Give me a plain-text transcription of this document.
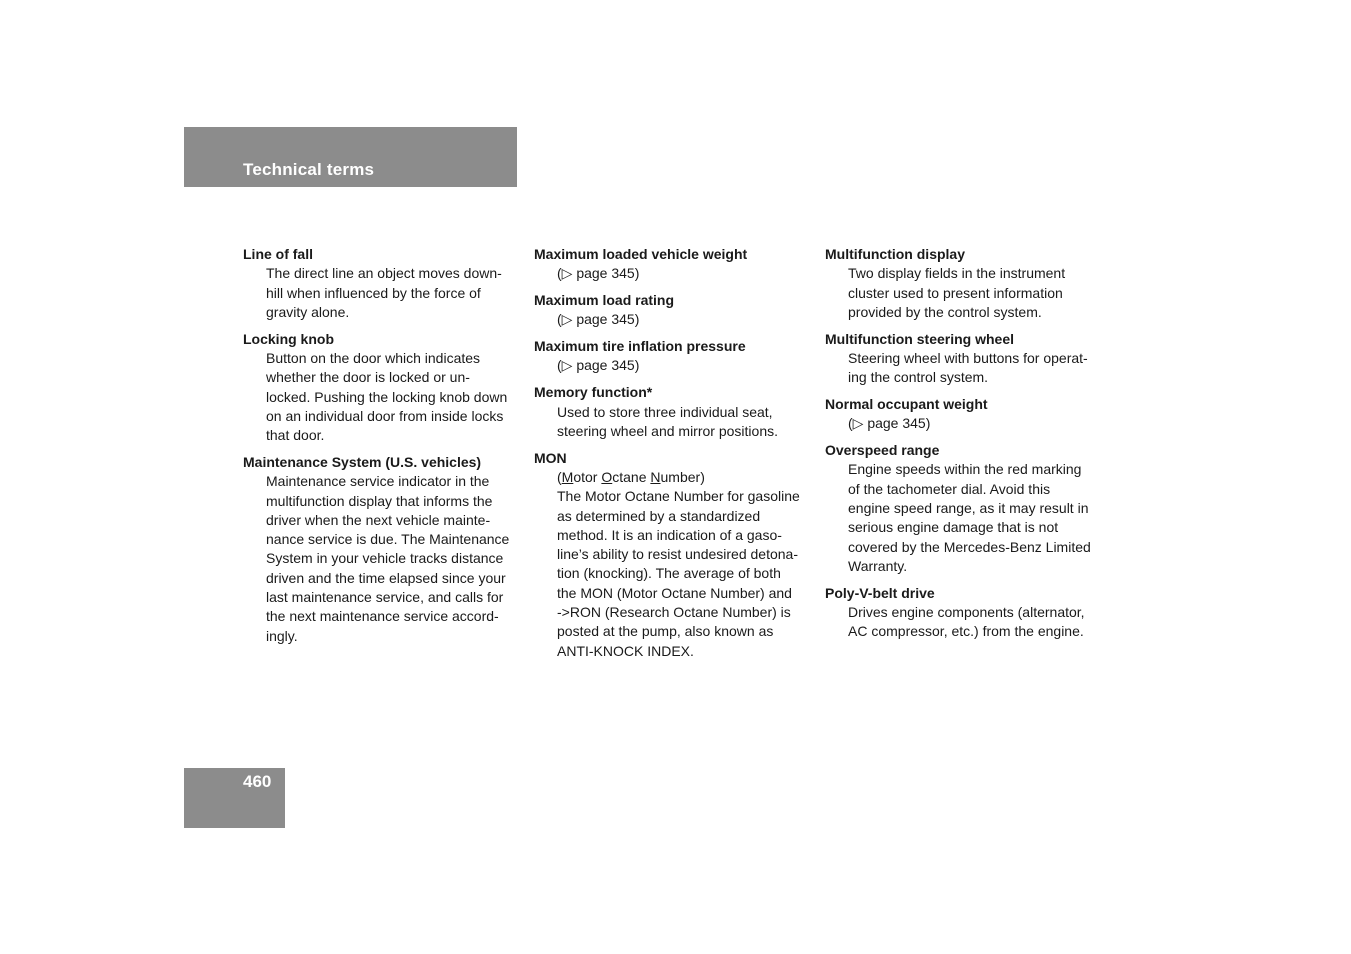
Technical terms
Line of fall
The direct line an object moves down-
hill when influenced by the force of
gravity alone.
Locking knob
Button on the door which indicates
whether the door is locked or un-
locked. Pushing the locking knob down
on an individual door from inside locks
that door.
Maintenance System (U.S. vehicles)
Maintenance service indicator in the
multifunction display that informs the
driver when the next vehicle mainte-
nance service is due. The Maintenance
System in your vehicle tracks distance
driven and the time elapsed since your
last maintenance service, and calls for
the next maintenance service accord-
ingly.
Maximum loaded vehicle weight
(▷ page 345)
Maximum load rating
(▷ page 345)
Maximum tire inflation pressure
(▷ page 345)
Memory function*
Used to store three individual seat,
steering wheel and mirror positions.
MON
(Motor Octane Number)
The Motor Octane Number for gasoline
as determined by a standardized
method. It is an indication of a gaso-
line’s ability to resist undesired detona-
tion (knocking). The average of both
the MON (Motor Octane Number) and
->RON (Research Octane Number) is
posted at the pump, also known as
ANTI-KNOCK INDEX.
Multifunction display
Two display fields in the instrument
cluster used to present information
provided by the control system.
Multifunction steering wheel
Steering wheel with buttons for operat-
ing the control system.
Normal occupant weight
(▷ page 345)
Overspeed range
Engine speeds within the red marking
of the tachometer dial. Avoid this
engine speed range, as it may result in
serious engine damage that is not
covered by the Mercedes-Benz Limited
Warranty.
Poly-V-belt drive
Drives engine components (alternator,
AC compressor, etc.) from the engine.
460
